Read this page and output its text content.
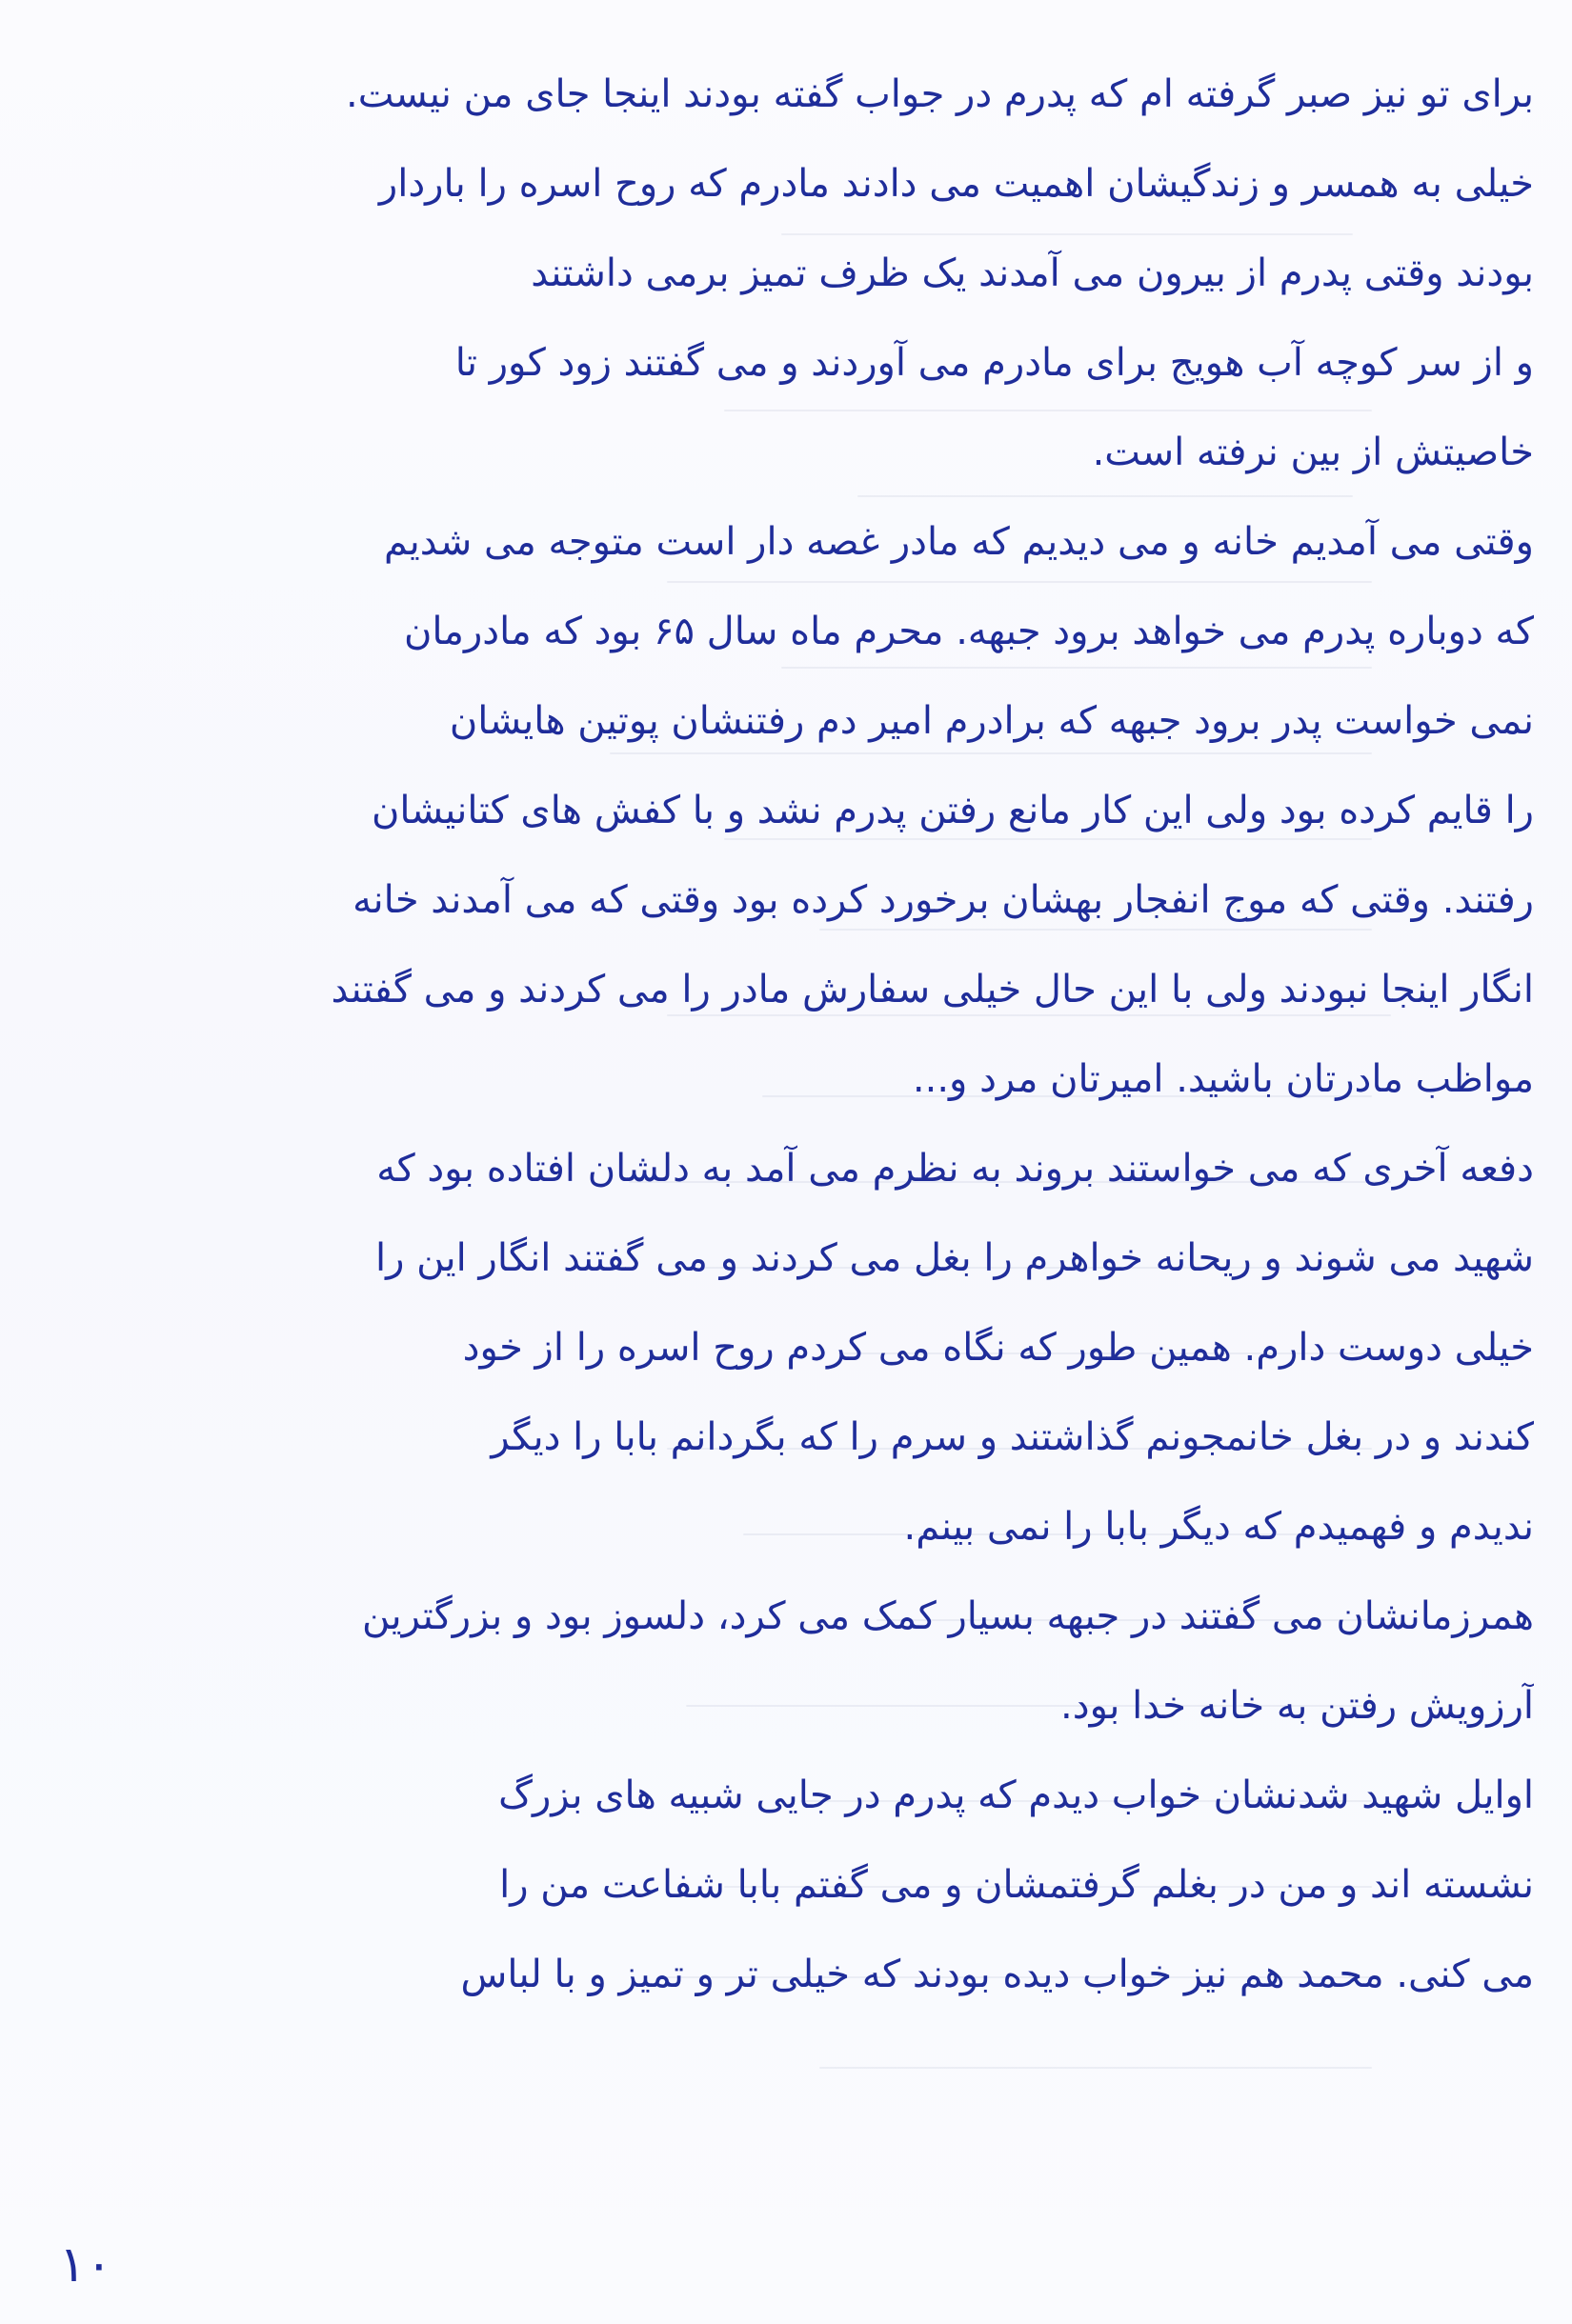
برای تو نیز صبر گرفته ام که پدرم در جواب گفته بودند اینجا جای من نیست.
خیلی به همسر و زندگیشان اهمیت می دادند مادرم که روح اسره را باردار
بودند وقتی پدرم از بیرون می آمدند یک ظرف تمیز برمی داشتند
و از سر کوچه آب هویج برای مادرم می آوردند و می گفتند زود کور تا
خاصیتش از بین نرفته است.
وقتی می آمدیم خانه و می دیدیم که مادر غصه دار است متوجه می شدیم
که دوباره پدرم می خواهد برود جبهه. محرم ماه سال ۶۵ بود که مادرمان
نمی خواست پدر برود جبهه که برادرم امیر دم رفتنشان پوتین هایشان
را قایم کرده بود ولی این کار مانع رفتن پدرم نشد و با کفش های کتانیشان
رفتند. وقتی که موج انفجار بهشان برخورد کرده بود وقتی که می آمدند خانه
انگار اینجا نبودند ولی با این حال خیلی سفارش مادر را می کردند و می گفتند
مواظب مادرتان باشید. امیرتان مرد و...
دفعه آخری که می خواستند بروند به نظرم می آمد به دلشان افتاده بود که
شهید می شوند و ریحانه خواهرم را بغل می کردند و می گفتند انگار این را
خیلی دوست دارم. همین طور که نگاه می کردم روح اسره را از خود
کندند و در بغل خانمجونم گذاشتند و سرم را که بگردانم بابا را دیگر
ندیدم و فهمیدم که دیگر بابا را نمی بینم.
همرزمانشان می گفتند در جبهه بسیار کمک می کرد، دلسوز بود و بزرگترین
آرزویش رفتن به خانه خدا بود.
اوایل شهید شدنشان خواب دیدم که پدرم در جایی شبیه های بزرگ
نشسته اند و من در بغلم گرفتمشان و می گفتم بابا شفاعت من را
می کنی. محمد هم نیز خواب دیده بودند که خیلی تر و تمیز و با لباس
۱۰
